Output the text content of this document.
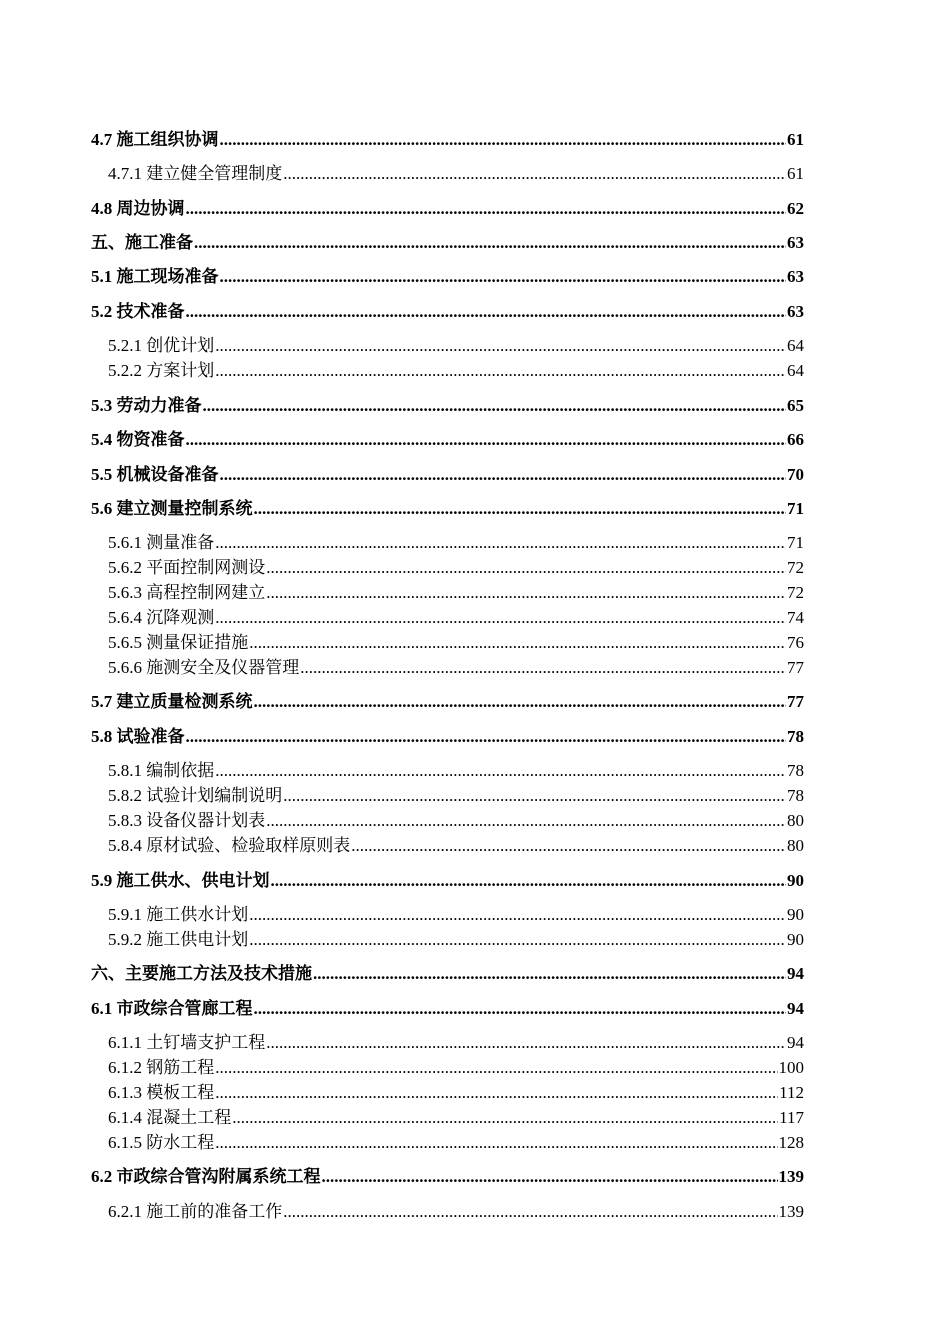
4.7 施工组织协调 .....	61
4.7.1 建立健全管理制度 .....	61
4.8 周边协调 .....	62
五、施工准备 .....	63
5.1 施工现场准备 .....	63
5.2 技术准备 .....	63
5.2.1 创优计划 .....	64
5.2.2 方案计划 .....	64
5.3 劳动力准备 .....	65
5.4 物资准备 .....	66
5.5 机械设备准备 .....	70
5.6 建立测量控制系统 .....	71
5.6.1 测量准备 .....	71
5.6.2 平面控制网测设 .....	72
5.6.3 高程控制网建立 .....	72
5.6.4 沉降观测 .....	74
5.6.5 测量保证措施 .....	76
5.6.6 施测安全及仪器管理 .....	77
5.7 建立质量检测系统 .....	77
5.8 试验准备 .....	78
5.8.1 编制依据 .....	78
5.8.2 试验计划编制说明 .....	78
5.8.3 设备仪器计划表 .....	80
5.8.4 原材试验、检验取样原则表 .....	80
5.9 施工供水、供电计划 .....	90
5.9.1 施工供水计划 .....	90
5.9.2 施工供电计划 .....	90
六、主要施工方法及技术措施 .....	94
6.1 市政综合管廊工程 .....	94
6.1.1 土钉墙支护工程 .....	94
6.1.2 钢筋工程 .....	100
6.1.3 模板工程 .....	112
6.1.4 混凝土工程 .....	117
6.1.5 防水工程 .....	128
6.2 市政综合管沟附属系统工程 .....	139
6.2.1 施工前的准备工作 .....	139
